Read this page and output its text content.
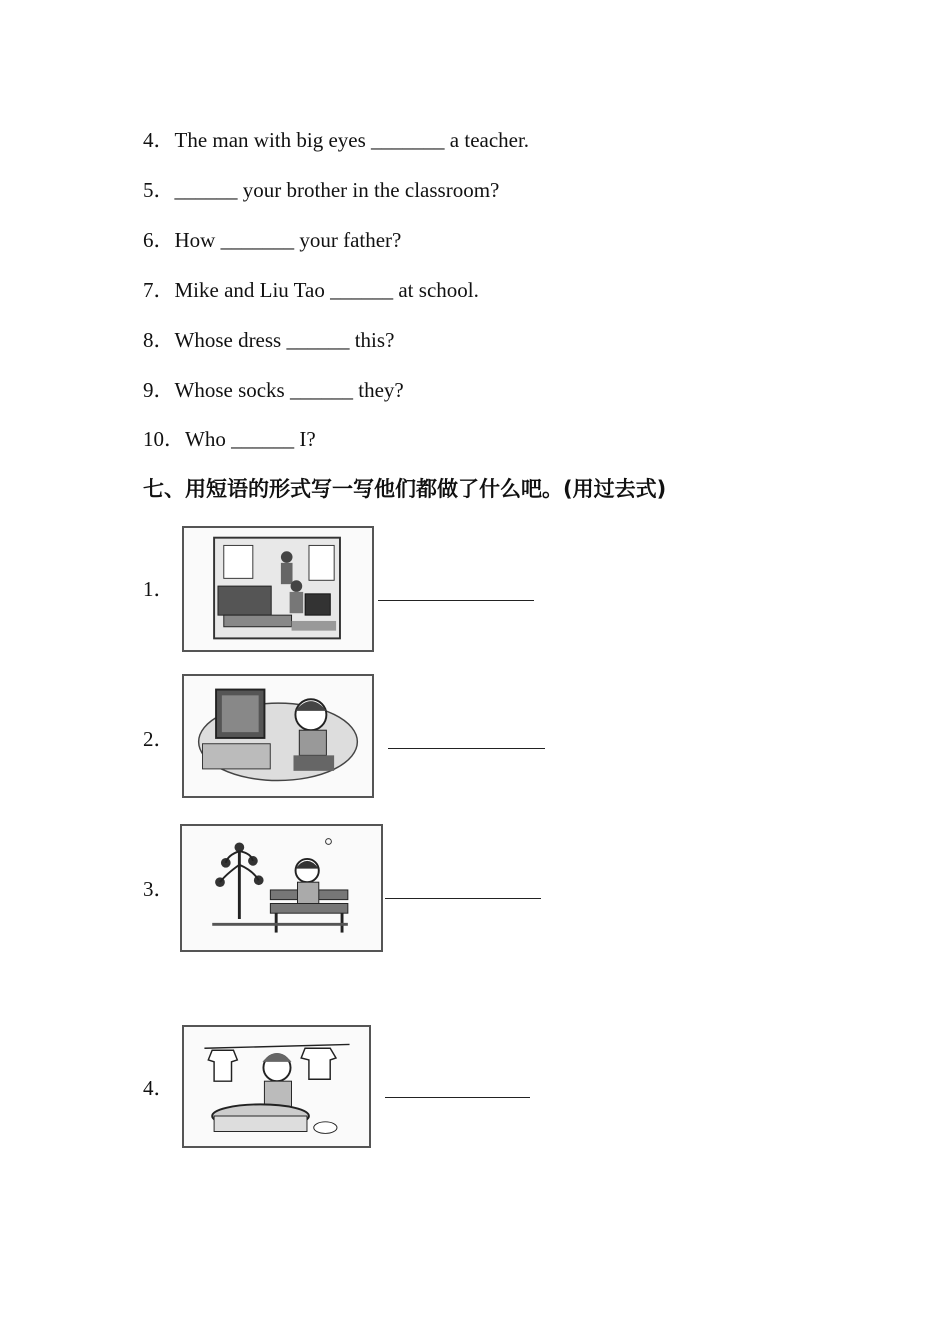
4．The man with big eyes _______ a teacher.
5．______ your brother in the classroom?
6．How _______ your father?
7．Mike and Liu Tao ______ at school.
8．Whose dress ______ this?
9．Whose socks ______ they?
10．Who ______ I?
七、用短语的形式写一写他们都做了什么吧。(用过去式)
1．
2．
3．
4．
